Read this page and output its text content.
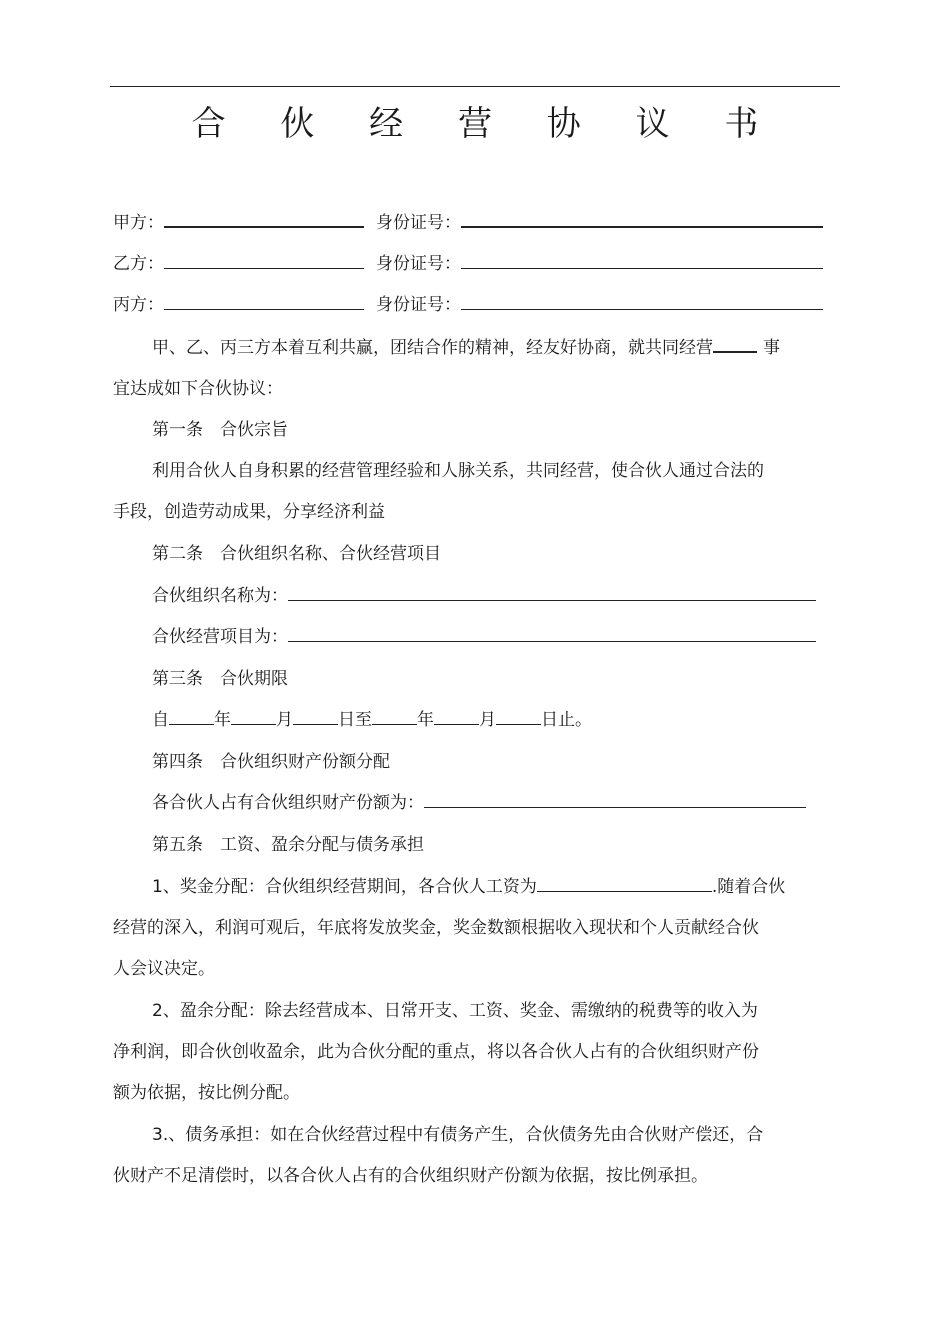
合 伙 经 营 协 议 书
甲方：	身份证号：
乙方：	身份证号：
丙方：	身份证号：
甲、乙、丙三方本着互利共赢，团结合作的精神，经友好协商，就共同经营	事
宜达成如下合伙协议：
第一条　合伙宗旨
利用合伙人自身积累的经营管理经验和人脉关系，共同经营，使合伙人通过合法的
手段，创造劳动成果，分享经济利益
第二条　合伙组织名称、合伙经营项目
合伙组织名称为：
合伙经营项目为：
第三条　合伙期限
自	年	月	日至	年	月	日止。
第四条　合伙组织财产份额分配
各合伙人占有合伙组织财产份额为：
第五条　工资、盈余分配与债务承担
1、奖金分配：合伙组织经营期间，各合伙人工资为	.随着合伙
经营的深入，利润可观后，年底将发放奖金，奖金数额根据收入现状和个人贡献经合伙
人会议决定。
2、盈余分配：除去经营成本、日常开支、工资、奖金、需缴纳的税费等的收入为
净利润，即合伙创收盈余，此为合伙分配的重点，将以各合伙人占有的合伙组织财产份
额为依据，按比例分配。
3.、债务承担：如在合伙经营过程中有债务产生，合伙债务先由合伙财产偿还，合
伙财产不足清偿时，以各合伙人占有的合伙组织财产份额为依据，按比例承担。
